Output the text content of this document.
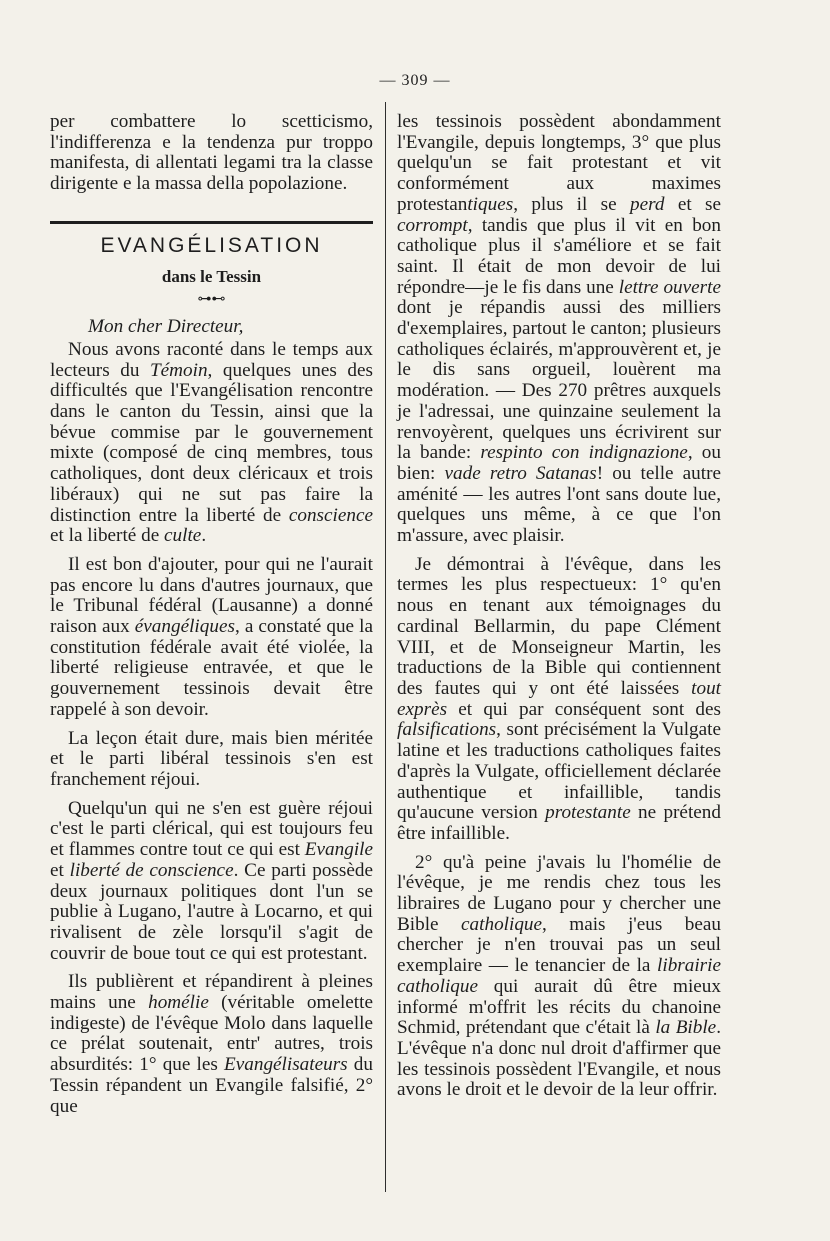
— 309 —

per combattere lo scetticismo, l'indifferenza e la tendenza pur troppo manifesta, di allentati legami tra la classe dirigente e la massa della popolazione.

EVANGÉLISATION
dans le Tessin
⊶⊷

Mon cher Directeur,

Nous avons raconté dans le temps aux lecteurs du Témoin, quelques unes des difficultés que l'Evangélisation rencontre dans le canton du Tessin, ainsi que la bévue commise par le gouvernement mixte (composé de cinq membres, tous catholiques, dont deux cléricaux et trois libéraux) qui ne sut pas faire la distinction entre la liberté de conscience et la liberté de culte.

Il est bon d'ajouter, pour qui ne l'aurait pas encore lu dans d'autres journaux, que le Tribunal fédéral (Lausanne) a donné raison aux évangéliques, a constaté que la constitution fédérale avait été violée, la liberté religieuse entravée, et que le gouvernement tessinois devait être rappelé à son devoir.

La leçon était dure, mais bien méritée et le parti libéral tessinois s'en est franchement réjoui.

Quelqu'un qui ne s'en est guère réjoui c'est le parti clérical, qui est toujours feu et flammes contre tout ce qui est Evangile et liberté de conscience. Ce parti possède deux journaux politiques dont l'un se publie à Lugano, l'autre à Locarno, et qui rivalisent de zèle lorsqu'il s'agit de couvrir de boue tout ce qui est protestant.

Ils publièrent et répandirent à pleines mains une homélie (véritable omelette indigeste) de l'évêque Molo dans laquelle ce prélat soutenait, entr' autres, trois absurdités: 1° que les Evangélisateurs du Tessin répandent un Evangile falsifié, 2° que

les tessinois possèdent abondamment l'Evangile, depuis longtemps, 3° que plus quelqu'un se fait protestant et vit conformément aux maximes protestantiques, plus il se perd et se corrompt, tandis que plus il vit en bon catholique plus il s'améliore et se fait saint. Il était de mon devoir de lui répondre—je le fis dans une lettre ouverte dont je répandis aussi des milliers d'exemplaires, partout le canton; plusieurs catholiques éclairés, m'approuvèrent et, je le dis sans orgueil, louèrent ma modération. — Des 270 prêtres auxquels je l'adressai, une quinzaine seulement la renvoyèrent, quelques uns écrivirent sur la bande: respinto con indignazione, ou bien: vade retro Satanas! ou telle autre aménité — les autres l'ont sans doute lue, quelques uns même, à ce que l'on m'assure, avec plaisir.

Je démontrai à l'évêque, dans les termes les plus respectueux: 1° qu'en nous en tenant aux témoignages du cardinal Bellarmin, du pape Clément VIII, et de Monseigneur Martin, les traductions de la Bible qui contiennent des fautes qui y ont été laissées tout exprès et qui par conséquent sont des falsifications, sont précisément la Vulgate latine et les traductions catholiques faites d'après la Vulgate, officiellement déclarée authentique et infaillible, tandis qu'aucune version protestante ne prétend être infaillible.

2° qu'à peine j'avais lu l'homélie de l'évêque, je me rendis chez tous les libraires de Lugano pour y chercher une Bible catholique, mais j'eus beau chercher je n'en trouvai pas un seul exemplaire — le tenancier de la librairie catholique qui aurait dû être mieux informé m'offrit les récits du chanoine Schmid, prétendant que c'était là la Bible. L'évêque n'a donc nul droit d'affirmer que les tessinois possèdent l'Evangile, et nous avons le droit et le devoir de la leur offrir.
